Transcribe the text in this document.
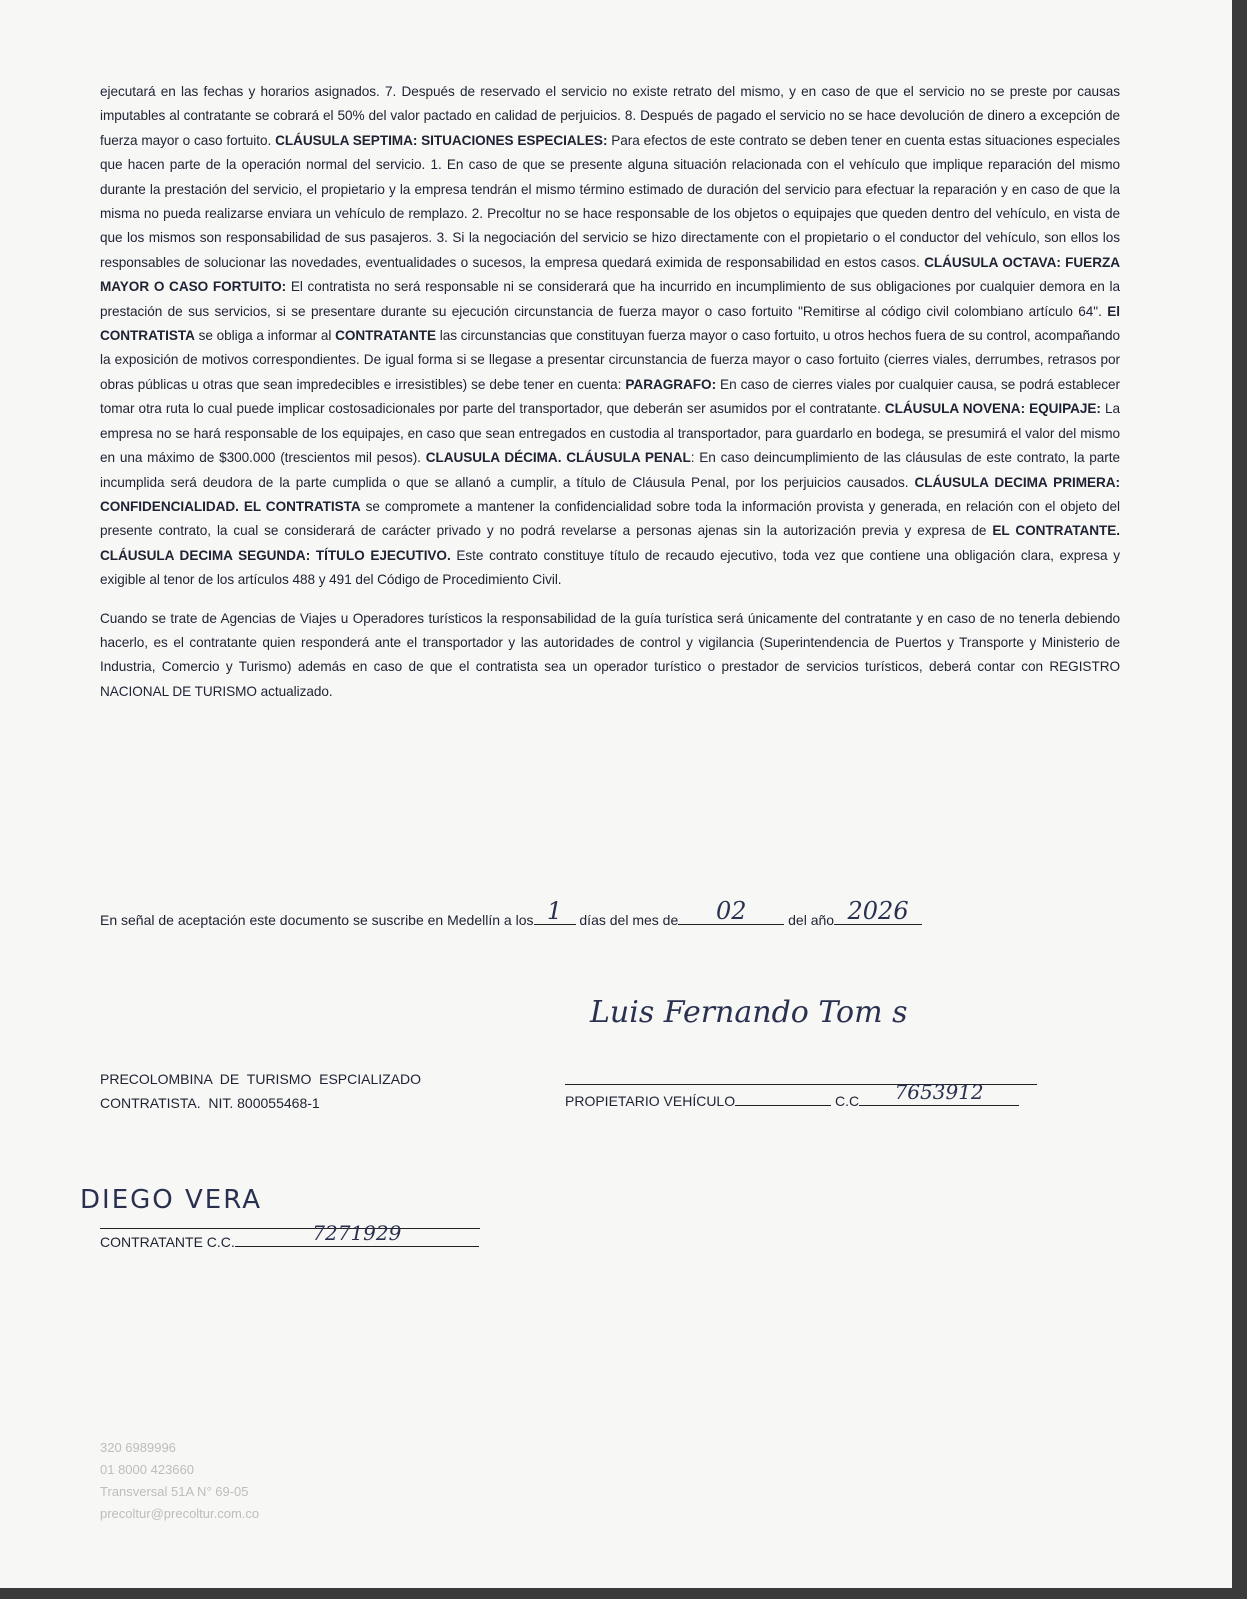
ejecutará en las fechas y horarios asignados. 7. Después de reservado el servicio no existe retrato del mismo, y en caso de que el servicio no se preste por causas imputables al contratante se cobrará el 50% del valor pactado en calidad de perjuicios. 8. Después de pagado el servicio no se hace devolución de dinero a excepción de fuerza mayor o caso fortuito. CLÁUSULA SEPTIMA: SITUACIONES ESPECIALES: Para efectos de este contrato se deben tener en cuenta estas situaciones especiales que hacen parte de la operación normal del servicio. 1. En caso de que se presente alguna situación relacionada con el vehículo que implique reparación del mismo durante la prestación del servicio, el propietario y la empresa tendrán el mismo término estimado de duración del servicio para efectuar la reparación y en caso de que la misma no pueda realizarse enviara un vehículo de remplazo. 2. Precoltur no se hace responsable de los objetos o equipajes que queden dentro del vehículo, en vista de que los mismos son responsabilidad de sus pasajeros. 3. Si la negociación del servicio se hizo directamente con el propietario o el conductor del vehículo, son ellos los responsables de solucionar las novedades, eventualidades o sucesos, la empresa quedará eximida de responsabilidad en estos casos. CLÁUSULA OCTAVA: FUERZA MAYOR O CASO FORTUITO: El contratista no será responsable ni se considerará que ha incurrido en incumplimiento de sus obligaciones por cualquier demora en la prestación de sus servicios, si se presentare durante su ejecución circunstancia de fuerza mayor o caso fortuito "Remitirse al código civil colombiano artículo 64". El CONTRATISTA se obliga a informar al CONTRATANTE las circunstancias que constituyan fuerza mayor o caso fortuito, u otros hechos fuera de su control, acompañando la exposición de motivos correspondientes. De igual forma si se llegase a presentar circunstancia de fuerza mayor o caso fortuito (cierres viales, derrumbes, retrasos por obras públicas u otras que sean impredecibles e irresistibles) se debe tener en cuenta: PARAGRAFO: En caso de cierres viales por cualquier causa, se podrá establecer tomar otra ruta lo cual puede implicar costosadicionales por parte del transportador, que deberán ser asumidos por el contratante. CLÁUSULA NOVENA: EQUIPAJE: La empresa no se hará responsable de los equipajes, en caso que sean entregados en custodia al transportador, para guardarlo en bodega, se presumirá el valor del mismo en una máximo de $300.000 (trescientos mil pesos). CLAUSULA DÉCIMA. CLÁUSULA PENAL: En caso deincumplimiento de las cláusulas de este contrato, la parte incumplida será deudora de la parte cumplida o que se allanó a cumplir, a título de Cláusula Penal, por los perjuicios causados. CLÁUSULA DECIMA PRIMERA: CONFIDENCIALIDAD. EL CONTRATISTA se compromete a mantener la confidencialidad sobre toda la información provista y generada, en relación con el objeto del presente contrato, la cual se considerará de carácter privado y no podrá revelarse a personas ajenas sin la autorización previa y expresa de EL CONTRATANTE. CLÁUSULA DECIMA SEGUNDA: TÍTULO EJECUTIVO. Este contrato constituye título de recaudo ejecutivo, toda vez que contiene una obligación clara, expresa y exigible al tenor de los artículos 488 y 491 del Código de Procedimiento Civil.

Cuando se trate de Agencias de Viajes u Operadores turísticos la responsabilidad de la guía turística será únicamente del contratante y en caso de no tenerla debiendo hacerlo, es el contratante quien responderá ante el transportador y las autoridades de control y vigilancia (Superintendencia de Puertos y Transporte y Ministerio de Industria, Comercio y Turismo) además en caso de que el contratista sea un operador turístico o prestador de servicios turísticos, deberá contar con REGISTRO NACIONAL DE TURISMO actualizado.

En señal de aceptación este documento se suscribe en Medellín a los 1	días del mes de	02	del año 2026
PRECOLOMBINA  DE  TURISMO  ESPCIALIZADO
CONTRATISTA.  NIT. 800055468-1
Luis Fernando Tom s
PROPIETARIO VEHÍCULO	C.C	7653912
DIEGO VERA
CONTRATANTE C.C.	7271929
320 6989996
01 8000 423660
Transversal 51A N° 69-05
precoltur@precoltur.com.co
